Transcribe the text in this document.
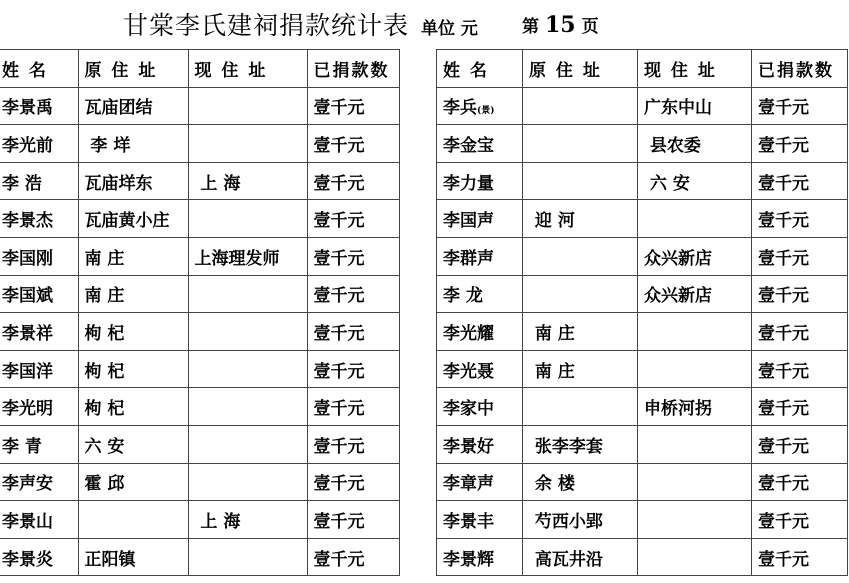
甘棠李氏建祠捐款统计表 单位 元	第 15 页
姓 名	原 住 址	现 住 址	已捐款数
李景禹	瓦庙团结		壹千元
李光前	李 垟		壹千元
李 浩	瓦庙垟东	上 海	壹千元
李景杰	瓦庙黄小庄		壹千元
李国刚	南 庄	上海理发师	壹千元
李国斌	南 庄		壹千元
李景祥	枸 杞		壹千元
李国洋	枸 杞		壹千元
李光明	枸 杞		壹千元
李 青	六 安		壹千元
李声安	霍 邱		壹千元
李景山		上 海	壹千元
李景炎	正阳镇		壹千元
姓 名	原 住 址	现 住 址	已捐款数
李兵(景)		广东中山	壹千元
李金宝		县农委	壹千元
李力量		六 安	壹千元
李国声	迎 河		壹千元
李群声		众兴新店	壹千元
李 龙		众兴新店	壹千元
李光耀	南 庄		壹千元
李光聂	南 庄		壹千元
李家中		申桥河拐	壹千元
李景好	张李李套		壹千元
李章声	余 楼		壹千元
李景丰	芍西小郢		壹千元
李景辉	高瓦井沿		壹千元
